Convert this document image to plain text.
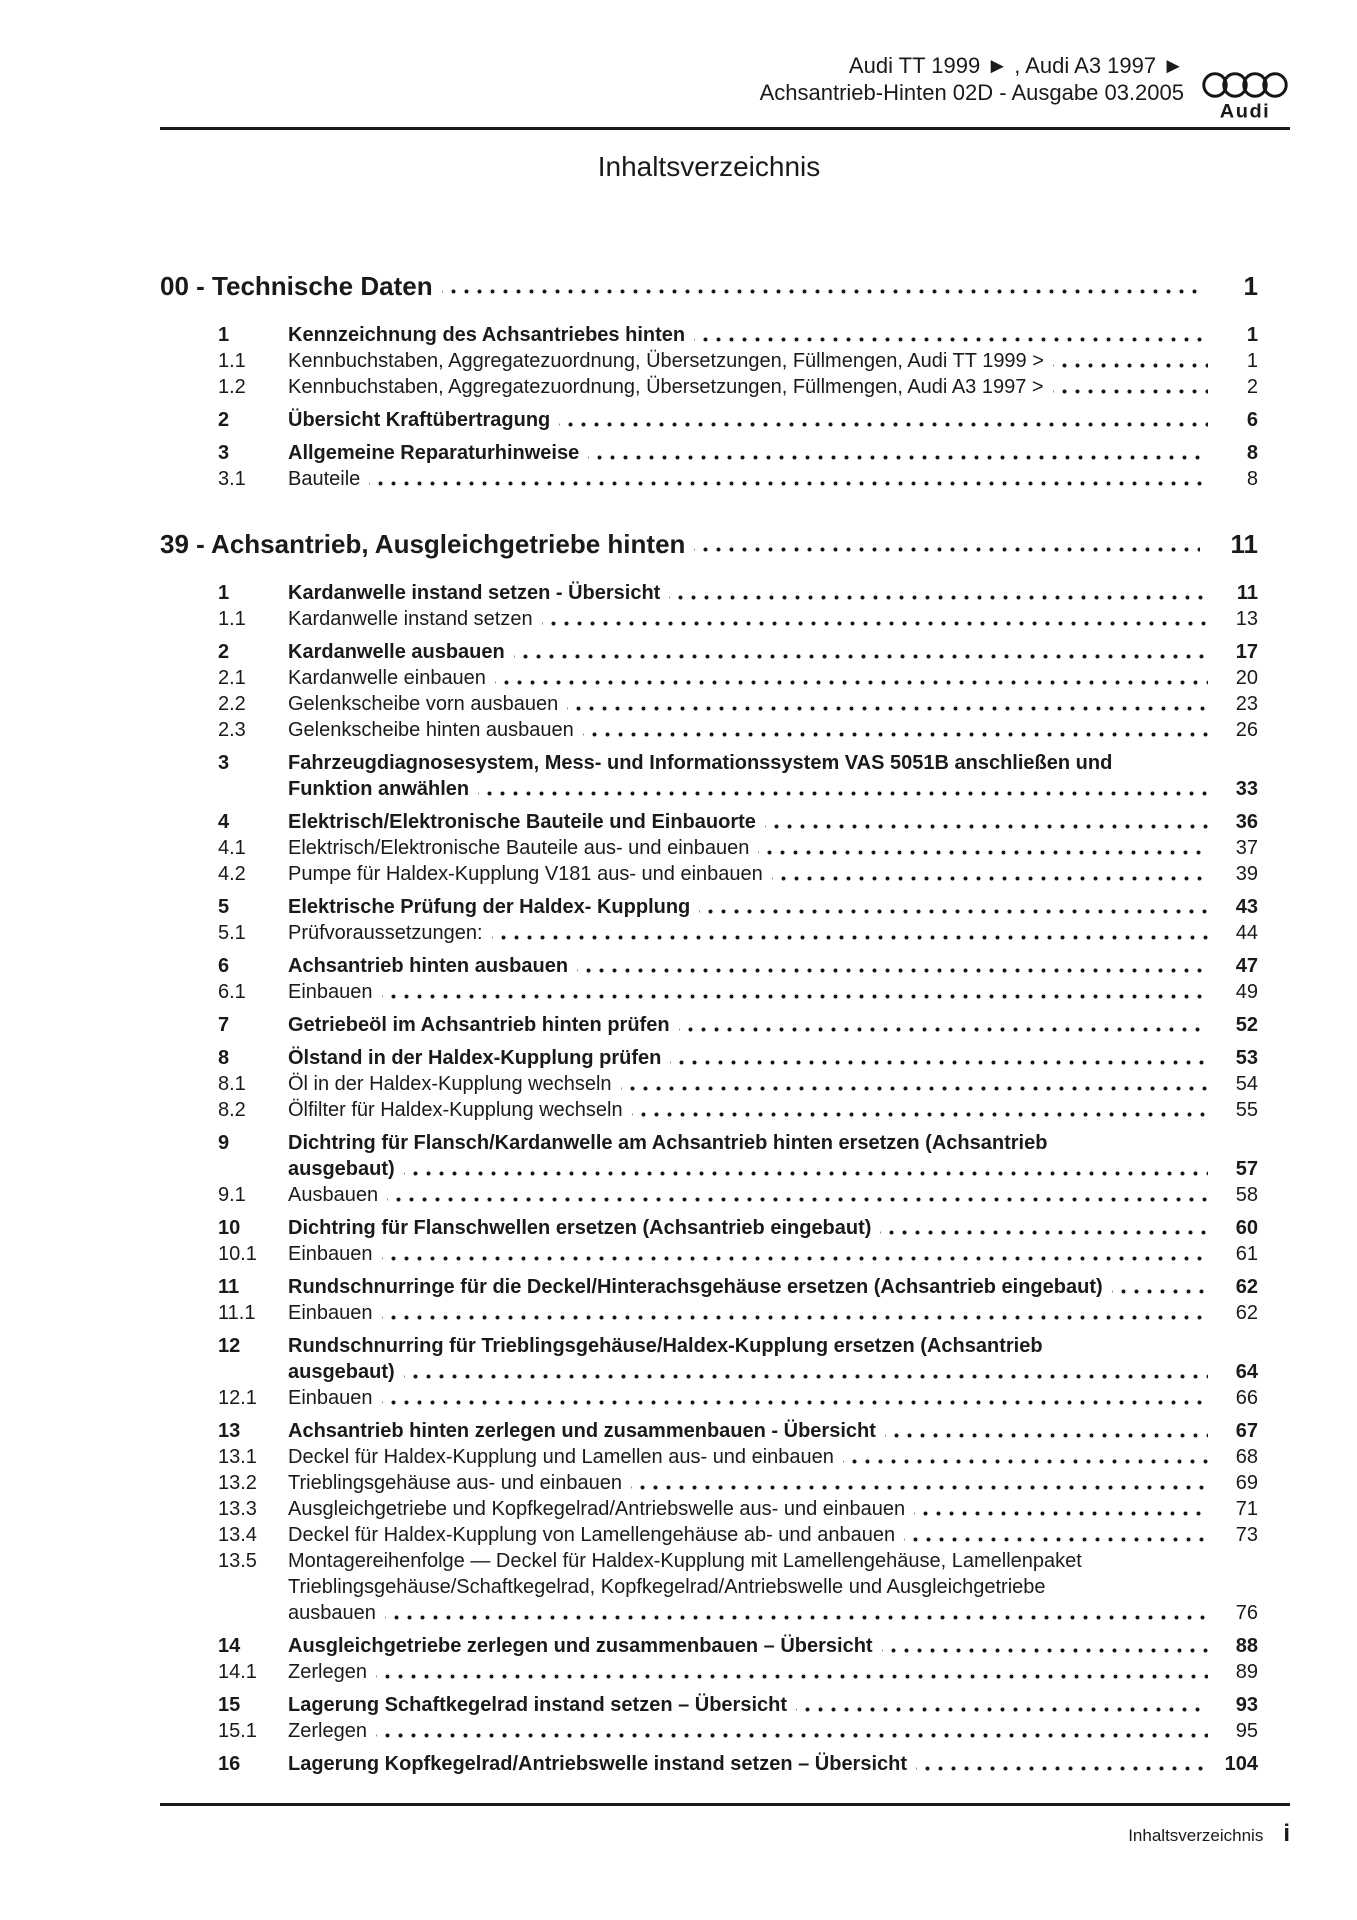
Audi TT 1999 ► , Audi A3 1997 ►
Achsantrieb-Hinten 02D - Ausgabe 03.2005
Audi
Inhaltsverzeichnis
00 - Technische Daten	1
1	Kennzeichnung des Achsantriebes hinten	1
1.1	Kennbuchstaben, Aggregatezuordnung, Übersetzungen, Füllmengen, Audi TT 1999 >	1
1.2	Kennbuchstaben, Aggregatezuordnung, Übersetzungen, Füllmengen, Audi A3 1997 >	2
2	Übersicht Kraftübertragung	6
3	Allgemeine Reparaturhinweise	8
3.1	Bauteile	8
39 - Achsantrieb, Ausgleichgetriebe hinten	11
1	Kardanwelle instand setzen - Übersicht	11
1.1	Kardanwelle instand setzen	13
2	Kardanwelle ausbauen	17
2.1	Kardanwelle einbauen	20
2.2	Gelenkscheibe vorn ausbauen	23
2.3	Gelenkscheibe hinten ausbauen	26
3	Fahrzeugdiagnosesystem, Mess- und Informationssystem VAS 5051B anschließen und
Funktion anwählen	33
4	Elektrisch/Elektronische Bauteile und Einbauorte	36
4.1	Elektrisch/Elektronische Bauteile aus- und einbauen	37
4.2	Pumpe für Haldex-Kupplung V181 aus- und einbauen	39
5	Elektrische Prüfung der Haldex- Kupplung	43
5.1	Prüfvoraussetzungen:	44
6	Achsantrieb hinten ausbauen	47
6.1	Einbauen	49
7	Getriebeöl im Achsantrieb hinten prüfen	52
8	Ölstand in der Haldex-Kupplung prüfen	53
8.1	Öl in der Haldex-Kupplung wechseln	54
8.2	Ölfilter für Haldex-Kupplung wechseln	55
9	Dichtring für Flansch/Kardanwelle am Achsantrieb hinten ersetzen (Achsantrieb
ausgebaut)	57
9.1	Ausbauen	58
10	Dichtring für Flanschwellen ersetzen (Achsantrieb eingebaut)	60
10.1	Einbauen	61
11	Rundschnurringe für die Deckel/Hinterachsgehäuse ersetzen (Achsantrieb eingebaut)	62
11.1	Einbauen	62
12	Rundschnurring für Trieblingsgehäuse/Haldex-Kupplung ersetzen (Achsantrieb
ausgebaut)	64
12.1	Einbauen	66
13	Achsantrieb hinten zerlegen und zusammenbauen - Übersicht	67
13.1	Deckel für Haldex-Kupplung und Lamellen aus- und einbauen	68
13.2	Trieblingsgehäuse aus- und einbauen	69
13.3	Ausgleichgetriebe und Kopfkegelrad/Antriebswelle aus- und einbauen	71
13.4	Deckel für Haldex-Kupplung von Lamellengehäuse ab- und anbauen	73
13.5	Montagereihenfolge — Deckel für Haldex-Kupplung mit Lamellengehäuse, Lamellenpaket
Trieblingsgehäuse/Schaftkegelrad, Kopfkegelrad/Antriebswelle und Ausgleichgetriebe
ausbauen	76
14	Ausgleichgetriebe zerlegen und zusammenbauen – Übersicht	88
14.1	Zerlegen	89
15	Lagerung Schaftkegelrad instand setzen – Übersicht	93
15.1	Zerlegen	95
16	Lagerung Kopfkegelrad/Antriebswelle instand setzen – Übersicht	104
Inhaltsverzeichnis i
